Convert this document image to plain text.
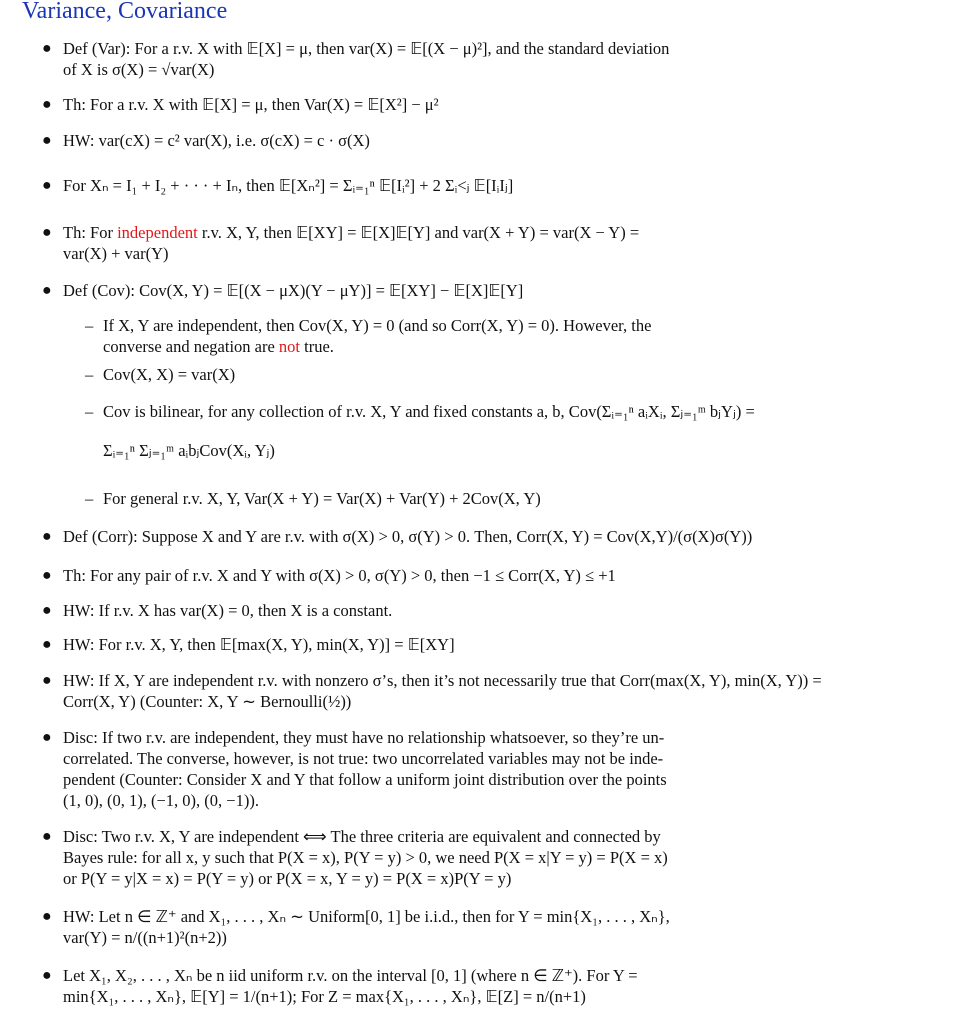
Variance, Covariance
● Def (Var): For a r.v. X with 𝔼[X] = μ, then var(X) = 𝔼[(X − μ)²], and the standard deviation
of X is σ(X) = √var(X)
● Th: For a r.v. X with 𝔼[X] = μ, then Var(X) = 𝔼[X²] − μ²
● HW: var(cX) = c² var(X), i.e. σ(cX) = c · σ(X)
● For Xₙ = I₁ + I₂ + · · · + Iₙ, then 𝔼[Xₙ²] = Σᵢ₌₁ⁿ 𝔼[Iᵢ²] + 2 Σᵢ<ⱼ 𝔼[IᵢIⱼ]
● Th: For independent r.v. X, Y, then 𝔼[XY] = 𝔼[X]𝔼[Y] and var(X + Y) = var(X − Y) =
var(X) + var(Y)
● Def (Cov): Cov(X, Y) = 𝔼[(X − μX)(Y − μY)] = 𝔼[XY] − 𝔼[X]𝔼[Y]
– If X, Y are independent, then Cov(X, Y) = 0 (and so Corr(X, Y) = 0). However, the
converse and negation are not true.
– Cov(X, X) = var(X)
– Cov is bilinear, for any collection of r.v. X, Y and fixed constants a, b, Cov(Σᵢ₌₁ⁿ aᵢXᵢ, Σⱼ₌₁ᵐ bⱼYⱼ) =
Σᵢ₌₁ⁿ Σⱼ₌₁ᵐ aᵢbⱼCov(Xᵢ, Yⱼ)
– For general r.v. X, Y, Var(X + Y) = Var(X) + Var(Y) + 2Cov(X, Y)
● Def (Corr): Suppose X and Y are r.v. with σ(X) > 0, σ(Y) > 0. Then, Corr(X, Y) = Cov(X,Y)/(σ(X)σ(Y))
● Th: For any pair of r.v. X and Y with σ(X) > 0, σ(Y) > 0, then −1 ≤ Corr(X, Y) ≤ +1
● HW: If r.v. X has var(X) = 0, then X is a constant.
● HW: For r.v. X, Y, then 𝔼[max(X, Y), min(X, Y)] = 𝔼[XY]
● HW: If X, Y are independent r.v. with nonzero σ’s, then it’s not necessarily true that Corr(max(X, Y), min(X, Y)) =
Corr(X, Y) (Counter: X, Y ∼ Bernoulli(½))
● Disc: If two r.v. are independent, they must have no relationship whatsoever, so they’re un-
correlated. The converse, however, is not true: two uncorrelated variables may not be inde-
pendent (Counter: Consider X and Y that follow a uniform joint distribution over the points
(1, 0), (0, 1), (−1, 0), (0, −1)).
● Disc: Two r.v. X, Y are independent ⟺ The three criteria are equivalent and connected by
Bayes rule: for all x, y such that P(X = x), P(Y = y) > 0, we need P(X = x|Y = y) = P(X = x)
or P(Y = y|X = x) = P(Y = y) or P(X = x, Y = y) = P(X = x)P(Y = y)
● HW: Let n ∈ ℤ⁺ and X₁, . . . , Xₙ ∼ Uniform[0, 1] be i.i.d., then for Y = min{X₁, . . . , Xₙ},
var(Y) = n/((n+1)²(n+2))
● Let X₁, X₂, . . . , Xₙ be n iid uniform r.v. on the interval [0, 1] (where n ∈ ℤ⁺). For Y =
min{X₁, . . . , Xₙ}, 𝔼[Y] = 1/(n+1); For Z = max{X₁, . . . , Xₙ}, 𝔼[Z] = n/(n+1)
